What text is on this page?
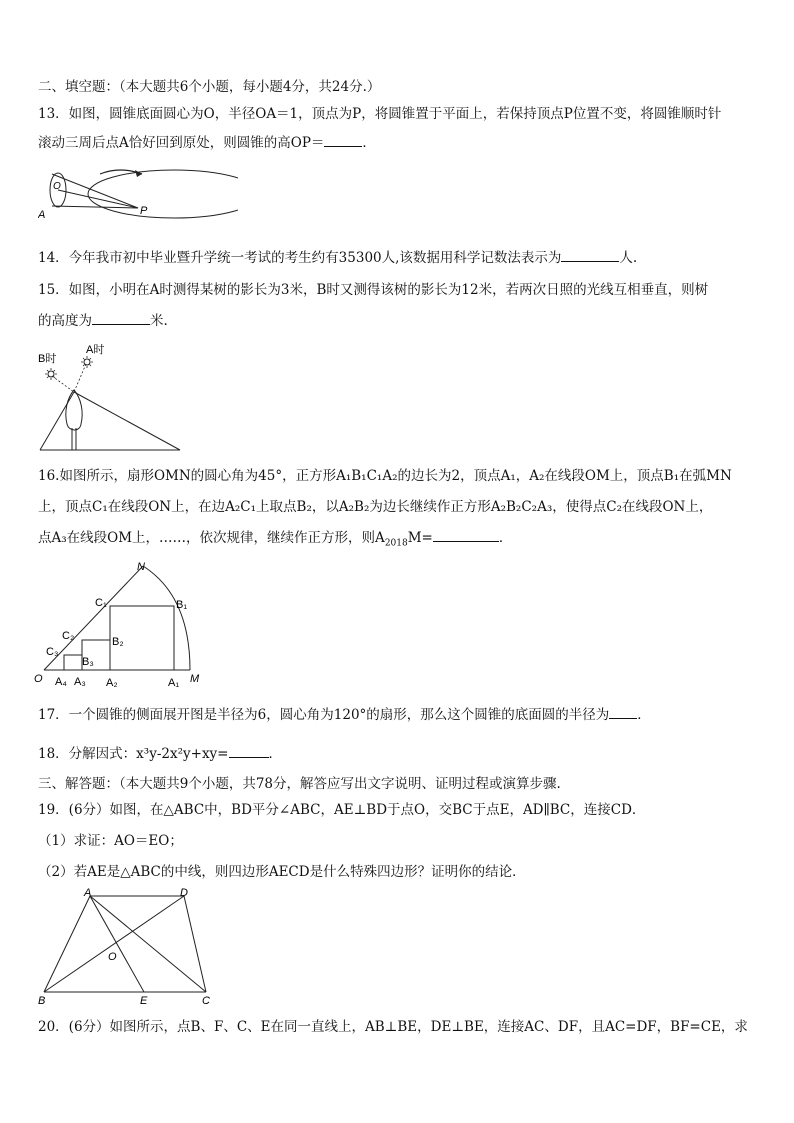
二、填空题：（本大题共6个小题，每小题4分，共24分.）
13．如图，圆锥底面圆心为O，半径OA＝1，顶点为P，将圆锥置于平面上，若保持顶点P位置不变，将圆锥顺时针
滚动三周后点A恰好回到原处，则圆锥的高OP＝	．
O
A	P
14．今年我市初中毕业暨升学统一考试的考生约有35300人,该数据用科学记数法表示为	人.
15．如图，小明在A时测得某树的影长为3米，B时又测得该树的影长为12米，若两次日照的光线互相垂直，则树
的高度为	米.
B时
A时
16.如图所示，扇形OMN的圆心角为45°，正方形A₁B₁C₁A₂的边长为2，顶点A₁，A₂在线段OM上，顶点B₁在弧MN
上，顶点C₁在线段ON上，在边A₂C₁上取点B₂，以A₂B₂为边长继续作正方形A₂B₂C₂A₃，使得点C₂在线段ON上，
点A₃在线段OM上，……，依次规律，继续作正方形，则$A_{2018}M=$	．
N
O	M
C₁	B₁
C₂	B₂
C₃
B₃
A₄ A₃ A₂	A₁
17．一个圆锥的侧面展开图是半径为6，圆心角为120°的扇形，那么这个圆锥的底面圆的半径为 ．
18．分解因式：x³y-2x²y+xy=	．
三、解答题：（本大题共9个小题，共78分，解答应写出文字说明、证明过程或演算步骤.
19．(6分）如图，在△ABC中，BD平分∠ABC，AE⊥BD于点O，交BC于点E，AD∥BC，连接CD．
（1）求证：AO＝EO；
（2）若AE是△ABC的中线，则四边形AECD是什么特殊四边形？证明你的结论．
A	D
O
B	E	C
20．(6分）如图所示，点B、F、C、E在同一直线上，AB⊥BE，DE⊥BE，连接AC、DF，且AC=DF，BF=CE，求
